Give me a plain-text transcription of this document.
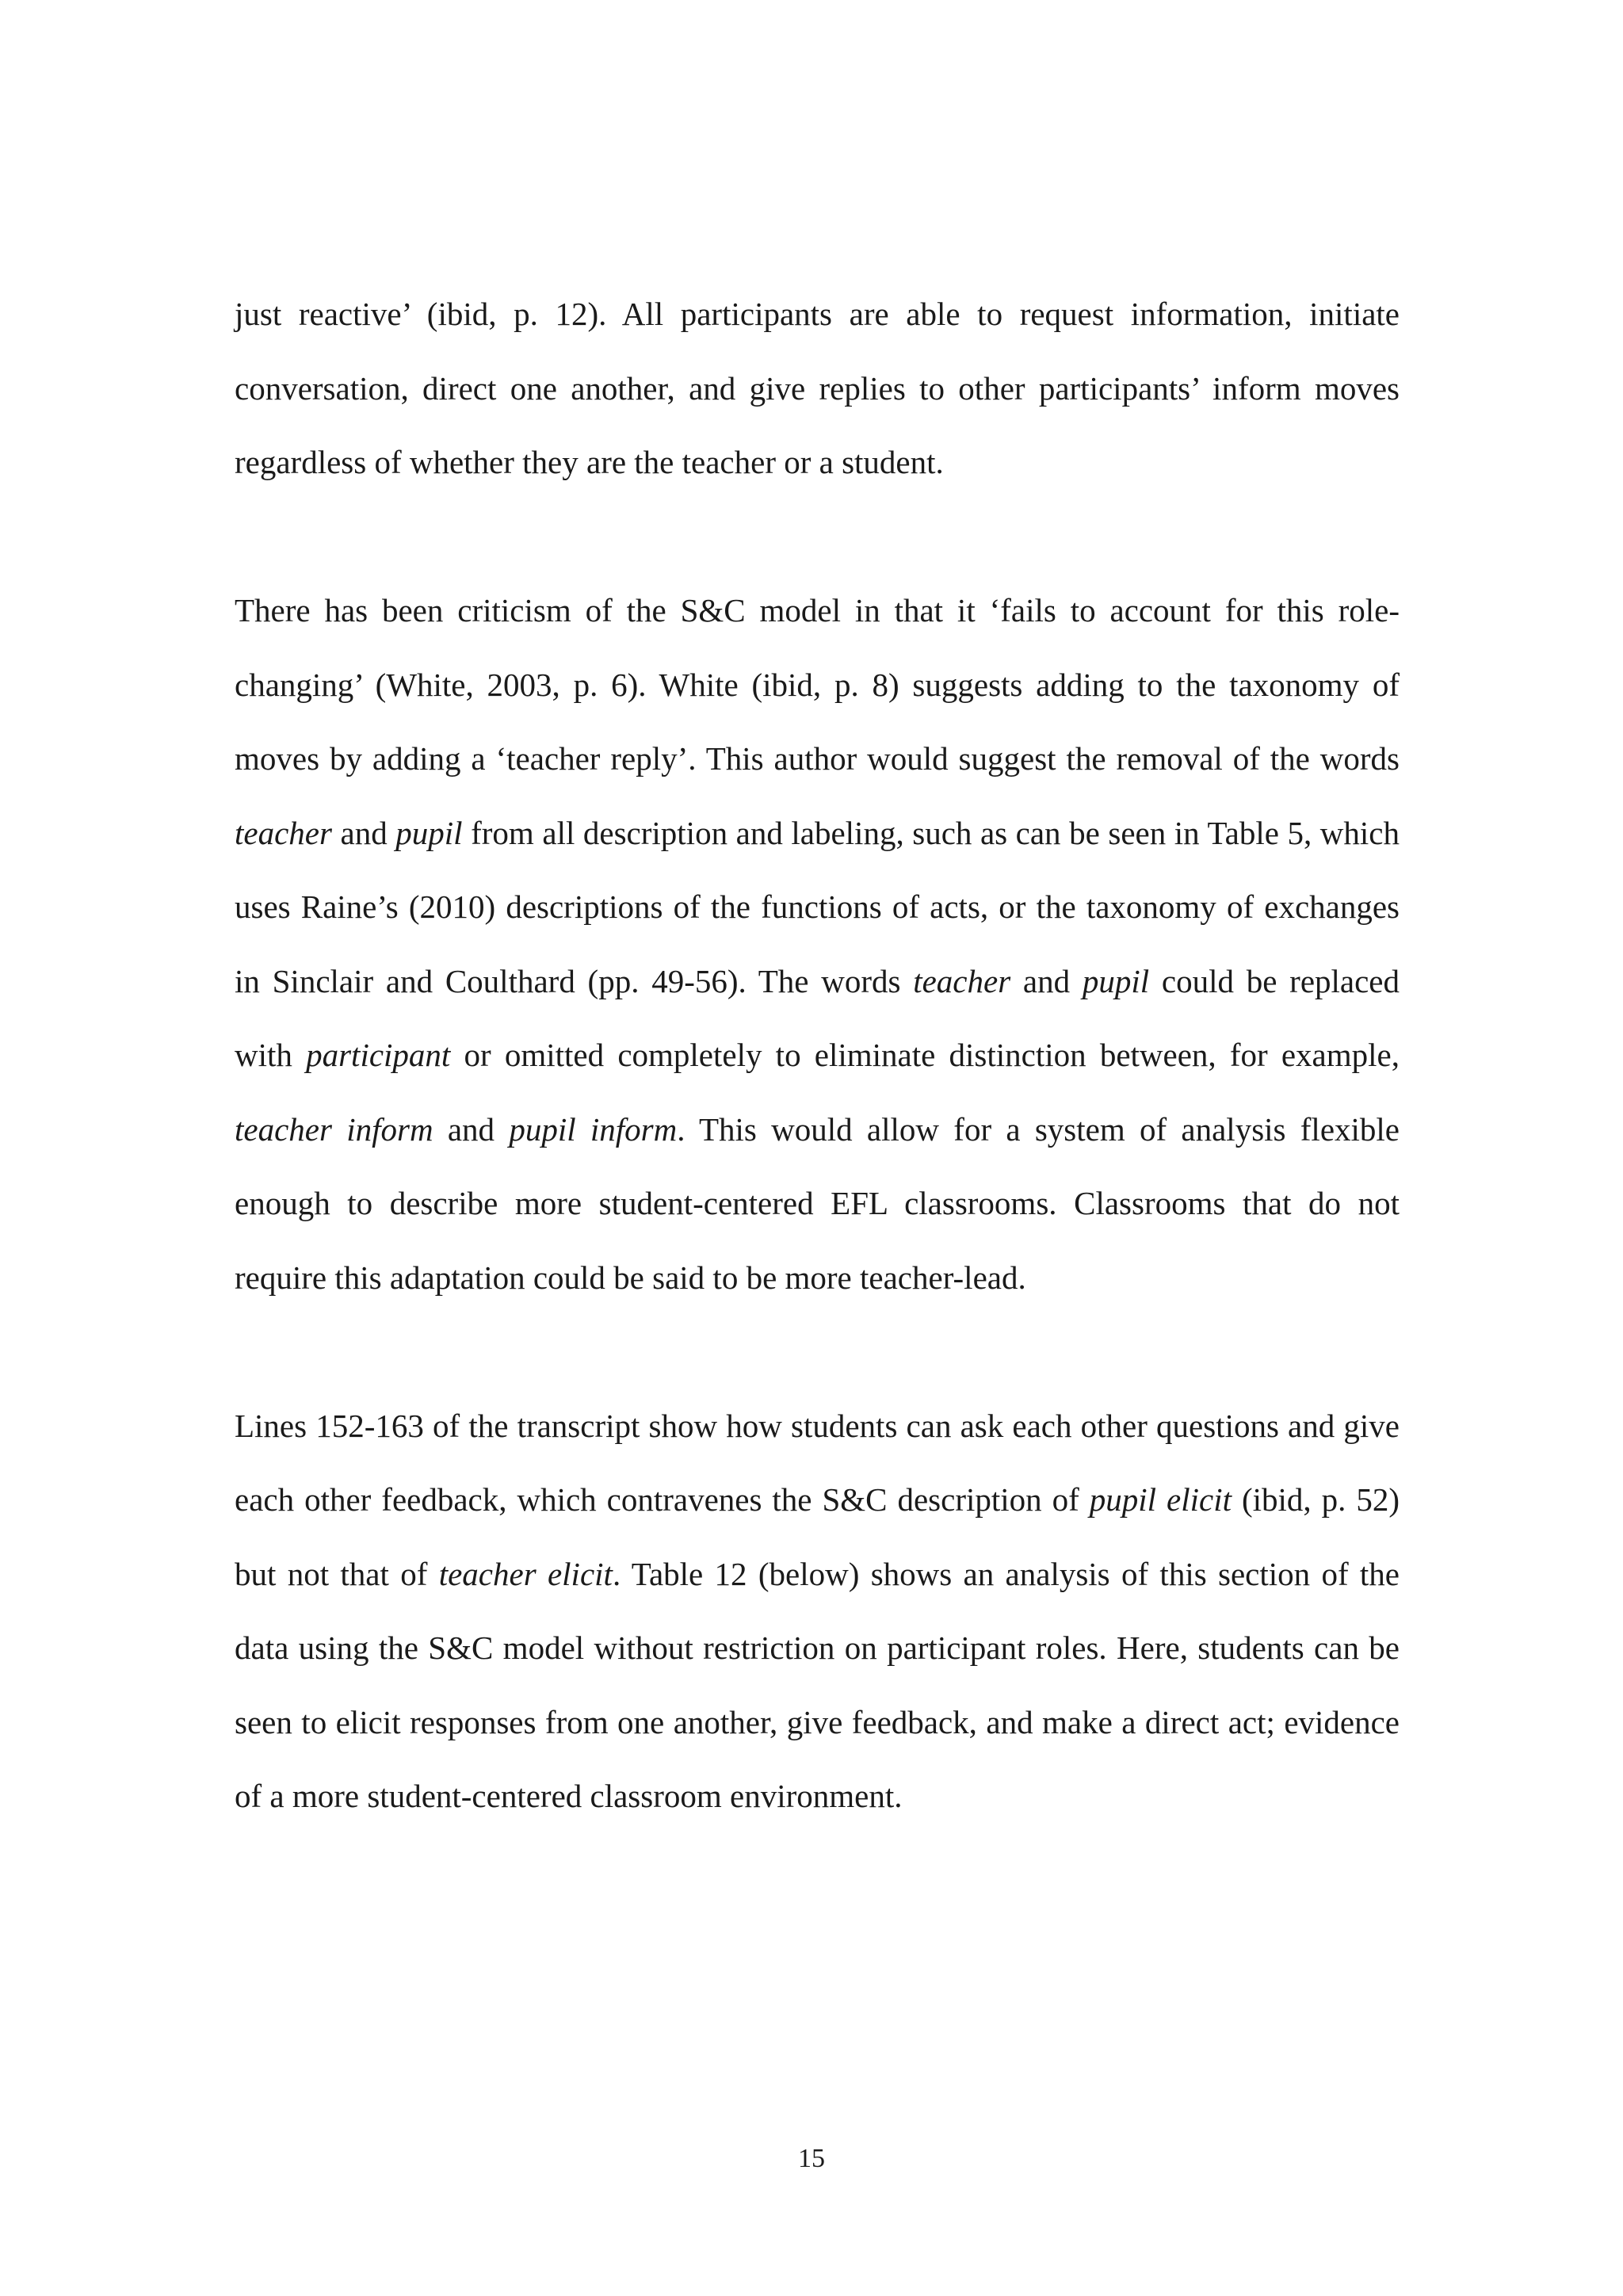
just reactive’ (ibid, p. 12). All participants are able to request information, initiate conversation, direct one another, and give replies to other participants’ inform moves regardless of whether they are the teacher or a student.

There has been criticism of the S&C model in that it ‘fails to account for this role-changing’ (White, 2003, p. 6). White (ibid, p. 8) suggests adding to the taxonomy of moves by adding a ‘teacher reply’. This author would suggest the removal of the words teacher and pupil from all description and labeling, such as can be seen in Table 5, which uses Raine’s (2010) descriptions of the functions of acts, or the taxonomy of exchanges in Sinclair and Coulthard (pp. 49-56). The words teacher and pupil could be replaced with participant or omitted completely to eliminate distinction between, for example, teacher inform and pupil inform. This would allow for a system of analysis flexible enough to describe more student-centered EFL classrooms. Classrooms that do not require this adaptation could be said to be more teacher-lead.

Lines 152-163 of the transcript show how students can ask each other questions and give each other feedback, which contravenes the S&C description of pupil elicit (ibid, p. 52) but not that of teacher elicit. Table 12 (below) shows an analysis of this section of the data using the S&C model without restriction on participant roles. Here, students can be seen to elicit responses from one another, give feedback, and make a direct act; evidence of a more student-centered classroom environment.

15
